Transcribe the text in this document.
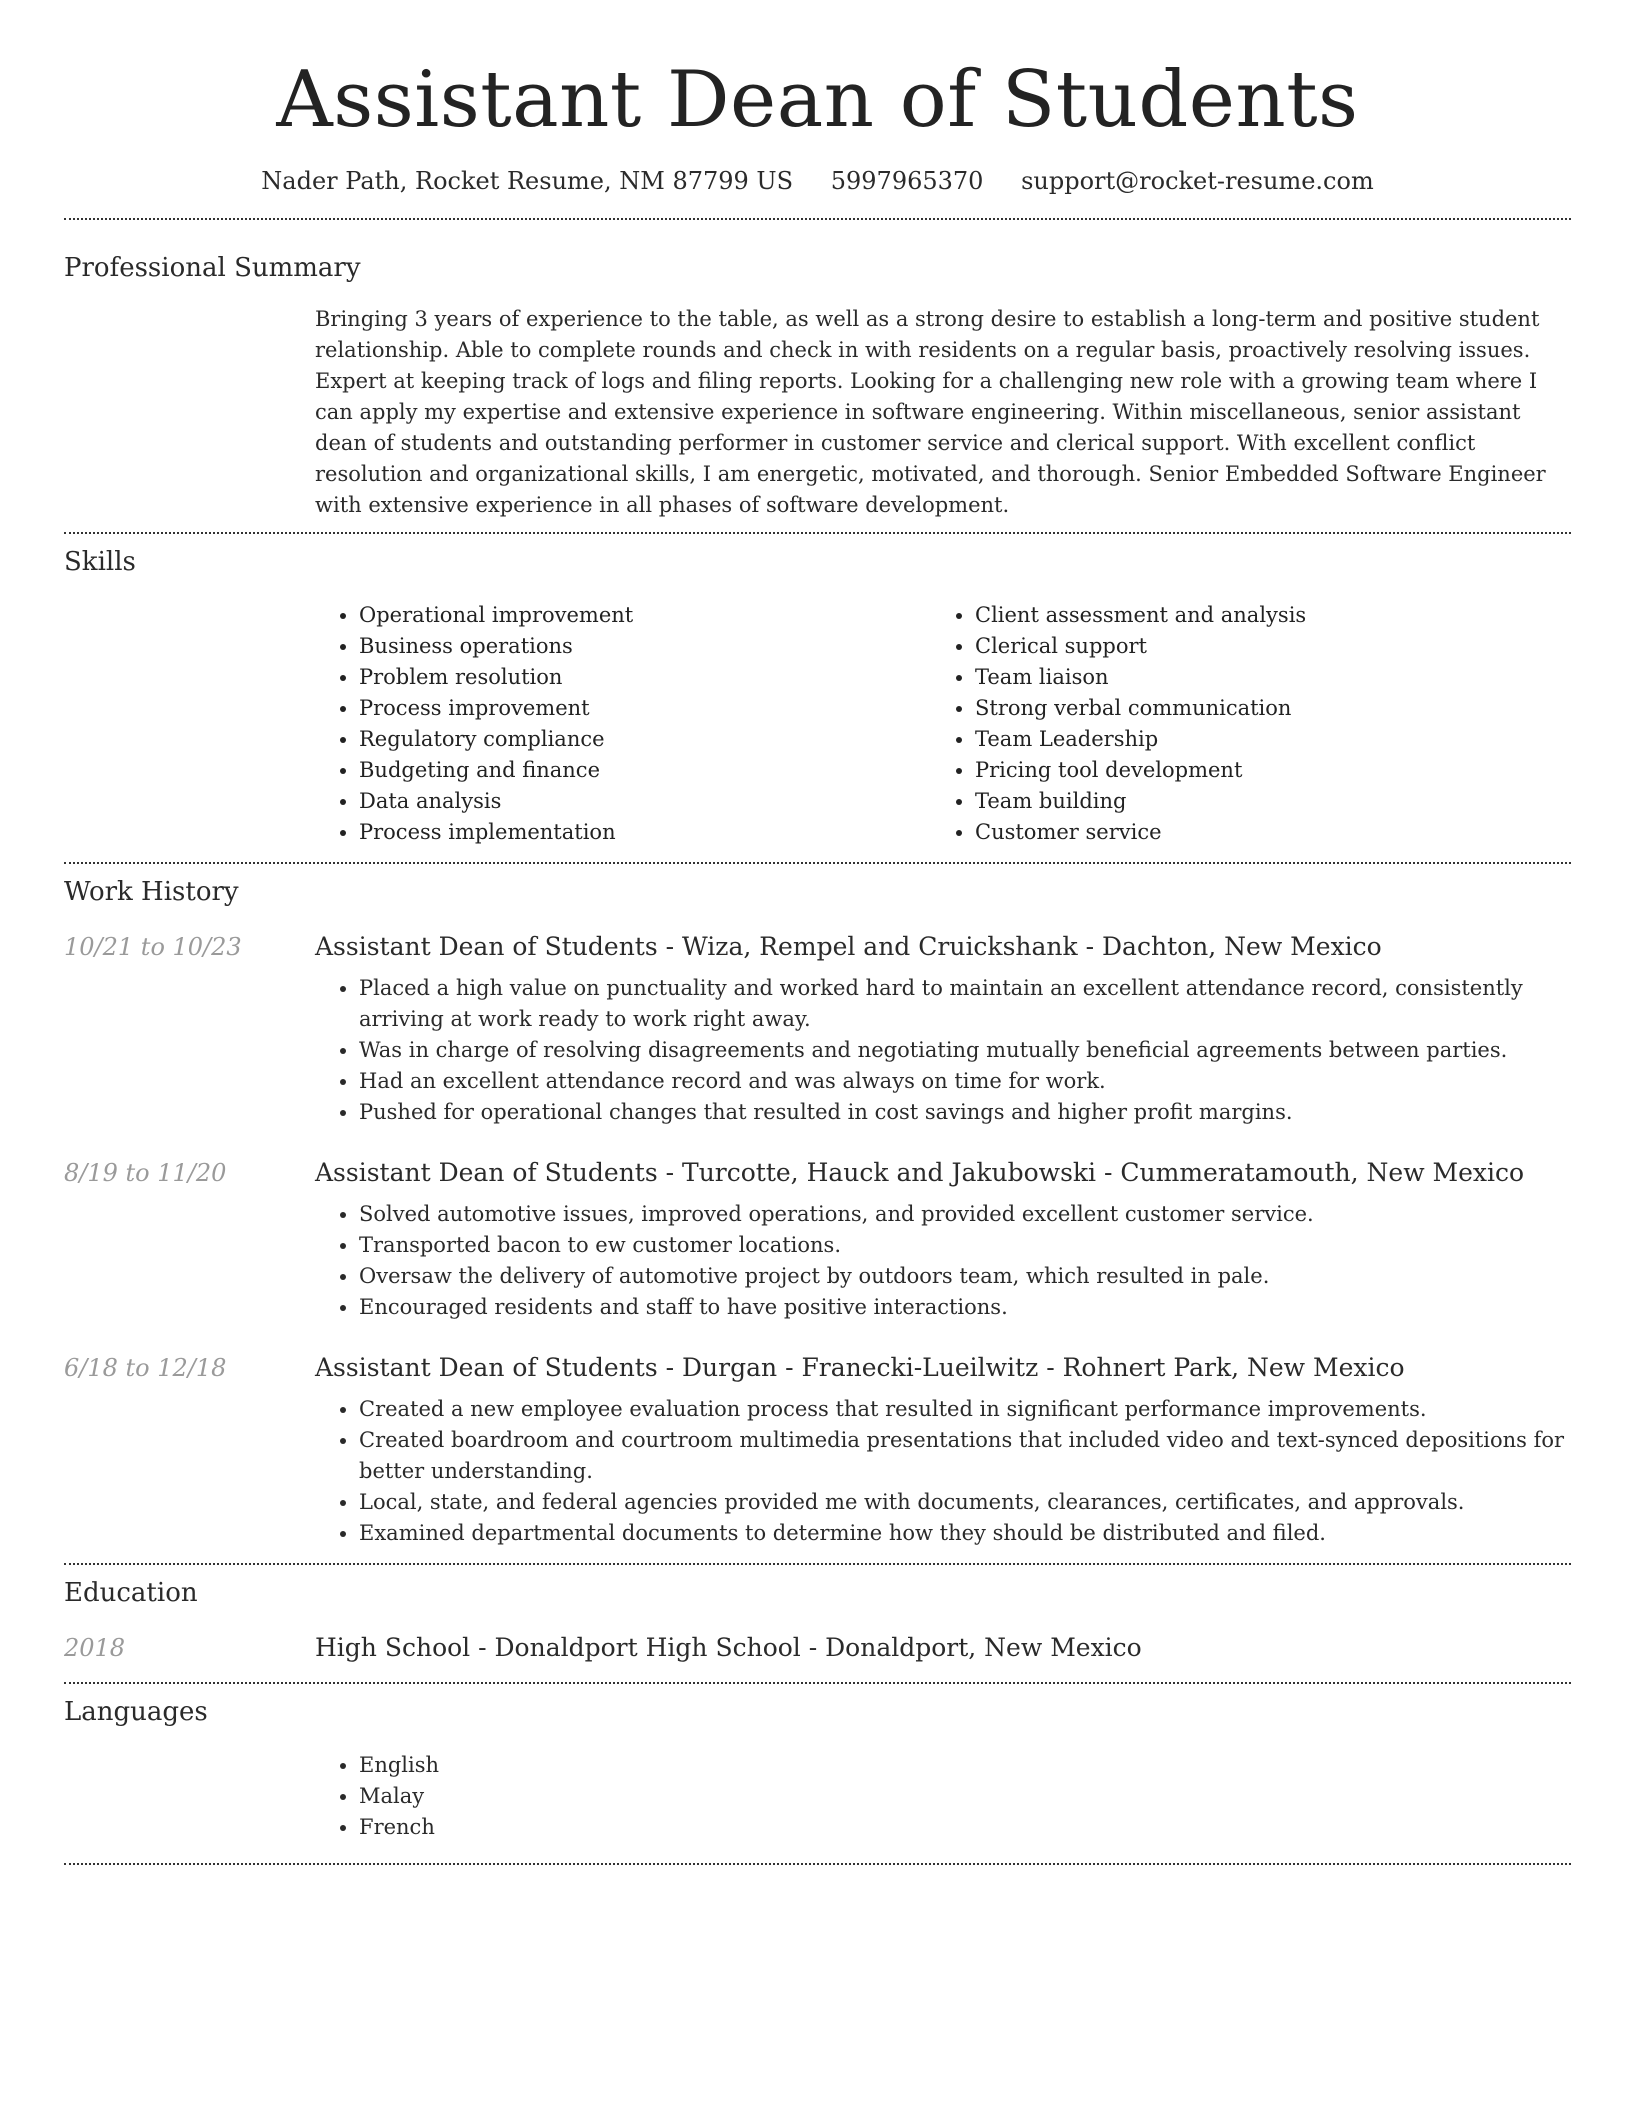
Assistant Dean of Students
Nader Path, Rocket Resume, NM 87799 US 5997965370 support@rocket-resume.com
Professional Summary
Bringing 3 years of experience to the table, as well as a strong desire to establish a long-term and positive student relationship. Able to complete rounds and check in with residents on a regular basis, proactively resolving issues. Expert at keeping track of logs and filing reports. Looking for a challenging new role with a growing team where I can apply my expertise and extensive experience in software engineering. Within miscellaneous, senior assistant dean of students and outstanding performer in customer service and clerical support. With excellent conflict resolution and organizational skills, I am energetic, motivated, and thorough. Senior Embedded Software Engineer with extensive experience in all phases of software development.
Skills
• Operational improvement
• Business operations
• Problem resolution
• Process improvement
• Regulatory compliance
• Budgeting and finance
• Data analysis
• Process implementation
• Client assessment and analysis
• Clerical support
• Team liaison
• Strong verbal communication
• Team Leadership
• Pricing tool development
• Team building
• Customer service
Work History
10/21 to 10/23	Assistant Dean of Students - Wiza, Rempel and Cruickshank - Dachton, New Mexico
• Placed a high value on punctuality and worked hard to maintain an excellent attendance record, consistently arriving at work ready to work right away.
• Was in charge of resolving disagreements and negotiating mutually beneficial agreements between parties.
• Had an excellent attendance record and was always on time for work.
• Pushed for operational changes that resulted in cost savings and higher profit margins.
8/19 to 11/20	Assistant Dean of Students - Turcotte, Hauck and Jakubowski - Cummeratamouth, New Mexico
• Solved automotive issues, improved operations, and provided excellent customer service.
• Transported bacon to ew customer locations.
• Oversaw the delivery of automotive project by outdoors team, which resulted in pale.
• Encouraged residents and staff to have positive interactions.
6/18 to 12/18	Assistant Dean of Students - Durgan - Franecki-Lueilwitz - Rohnert Park, New Mexico
• Created a new employee evaluation process that resulted in significant performance improvements.
• Created boardroom and courtroom multimedia presentations that included video and text-synced depositions for better understanding.
• Local, state, and federal agencies provided me with documents, clearances, certificates, and approvals.
• Examined departmental documents to determine how they should be distributed and filed.
Education
2018	High School - Donaldport High School - Donaldport, New Mexico
Languages
• English
• Malay
• French
